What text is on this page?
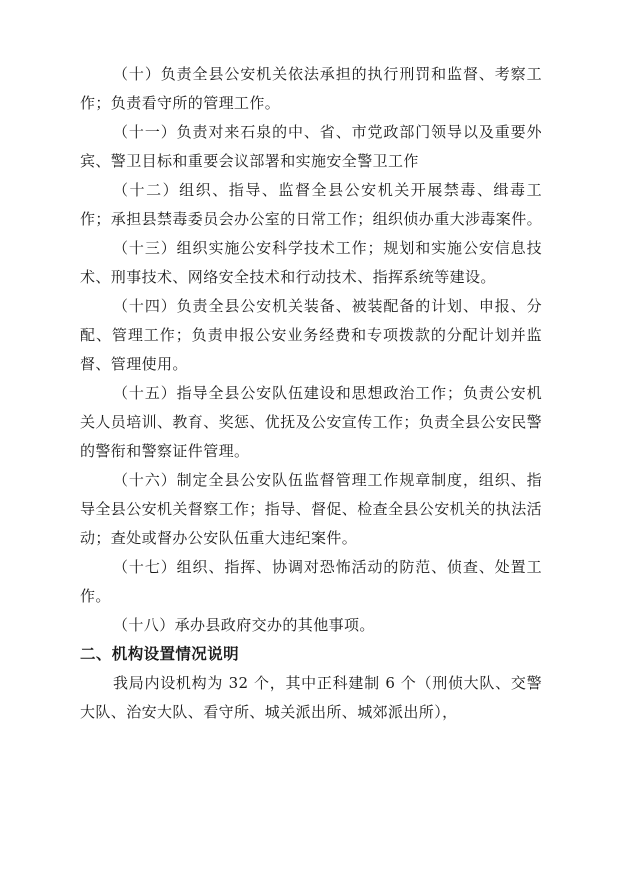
（十）负责全县公安机关依法承担的执行刑罚和监督、考察工作；负责看守所的管理工作。

（十一）负责对来石泉的中、省、市党政部门领导以及重要外宾、警卫目标和重要会议部署和实施安全警卫工作

（十二）组织、指导、监督全县公安机关开展禁毒、缉毒工作；承担县禁毒委员会办公室的日常工作；组织侦办重大涉毒案件。

（十三）组织实施公安科学技术工作；规划和实施公安信息技术、刑事技术、网络安全技术和行动技术、指挥系统等建设。

（十四）负责全县公安机关装备、被装配备的计划、申报、分配、管理工作；负责申报公安业务经费和专项拨款的分配计划并监督、管理使用。

（十五）指导全县公安队伍建设和思想政治工作；负责公安机关人员培训、教育、奖惩、优抚及公安宣传工作；负责全县公安民警的警衔和警察证件管理。

（十六）制定全县公安队伍监督管理工作规章制度，组织、指导全县公安机关督察工作；指导、督促、检查全县公安机关的执法活动；查处或督办公安队伍重大违纪案件。

（十七）组织、指挥、协调对恐怖活动的防范、侦查、处置工作。

（十八）承办县政府交办的其他事项。

二、机构设置情况说明

我局内设机构为 32 个，其中正科建制 6 个（刑侦大队、交警大队、治安大队、看守所、城关派出所、城郊派出所），
